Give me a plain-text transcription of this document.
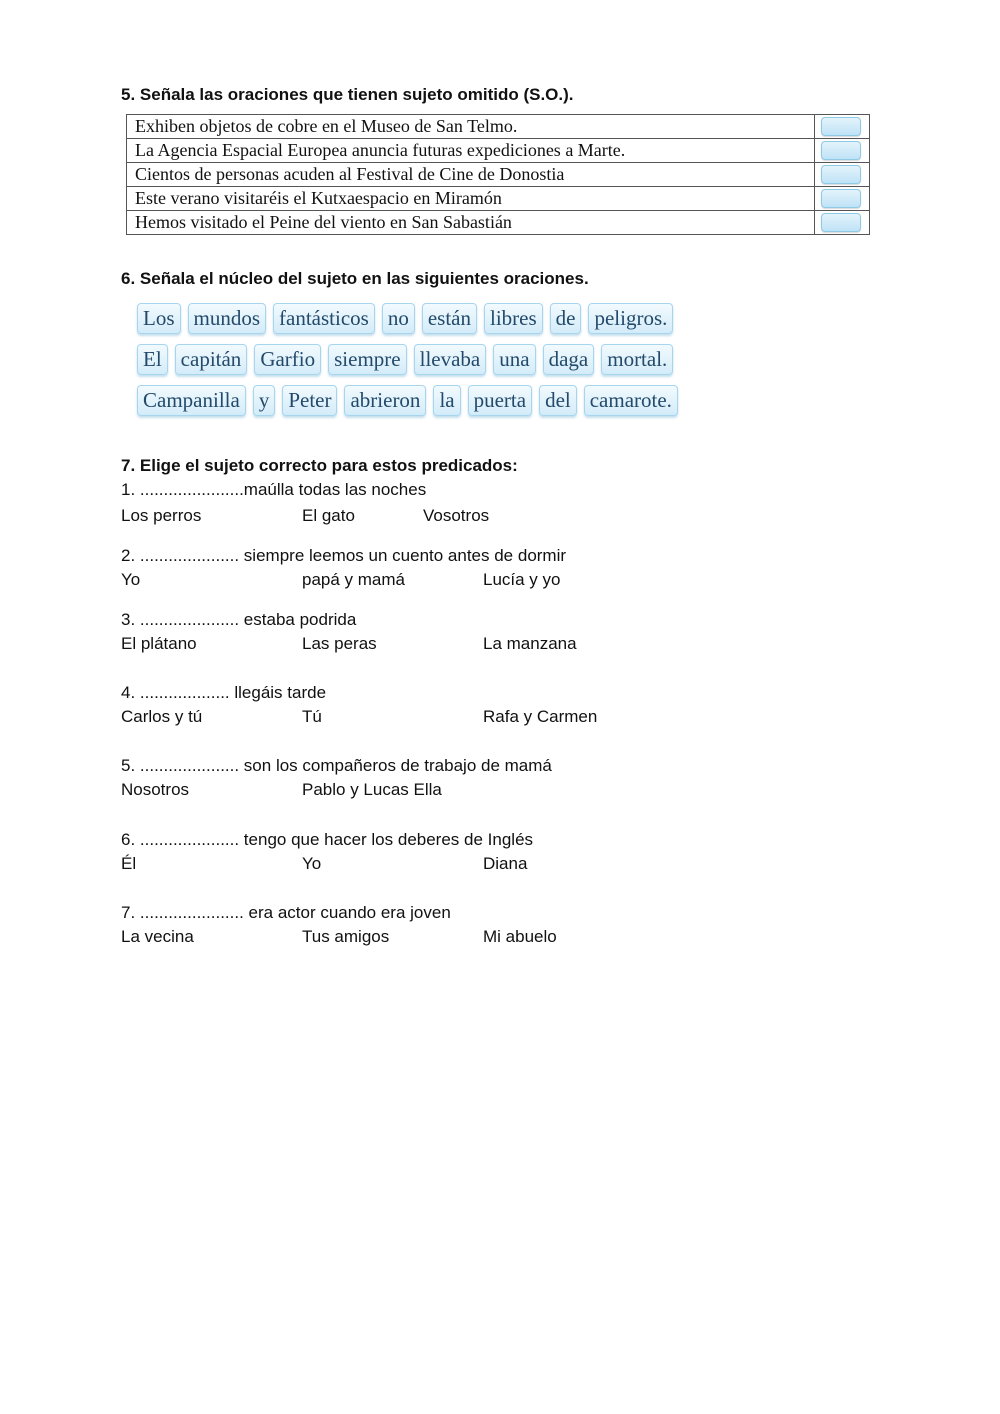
5. Señala las oraciones que tienen sujeto omitido (S.O.).

Exhiben objetos de cobre en el Museo de San Telmo.	

La Agencia Espacial Europea anuncia futuras expediciones a Marte.	

Cientos de personas acuden al Festival de Cine de Donostia	

Este verano visitaréis el Kutxaespacio en Miramón	

Hemos visitado el Peine del viento en San Sabastián	

6. Señala el núcleo del sujeto en las siguientes oraciones.

Los mundos fantásticos no están libres de peligros.
El capitán Garfio siempre llevaba una daga mortal.
Campanilla y Peter abrieron la puerta del camarote.

7. Elige el sujeto correcto para estos predicados:

1. ......................maúlla todas las noches

Los perros	El gato	Vosotros

2. ..................... siempre leemos un cuento antes de dormir

Yo	papá y mamá	Lucía y yo

3. ..................... estaba podrida

El plátano	Las peras	La manzana

4. ................... llegáis tarde

Carlos y tú	Tú	Rafa y Carmen

5. ..................... son los compañeros de trabajo de mamá

Nosotros	Pablo y Lucas Ella

6. ..................... tengo que hacer los deberes de Inglés

Él	Yo	Diana

7. ...................... era actor cuando era joven

La vecina	Tus amigos	Mi abuelo
